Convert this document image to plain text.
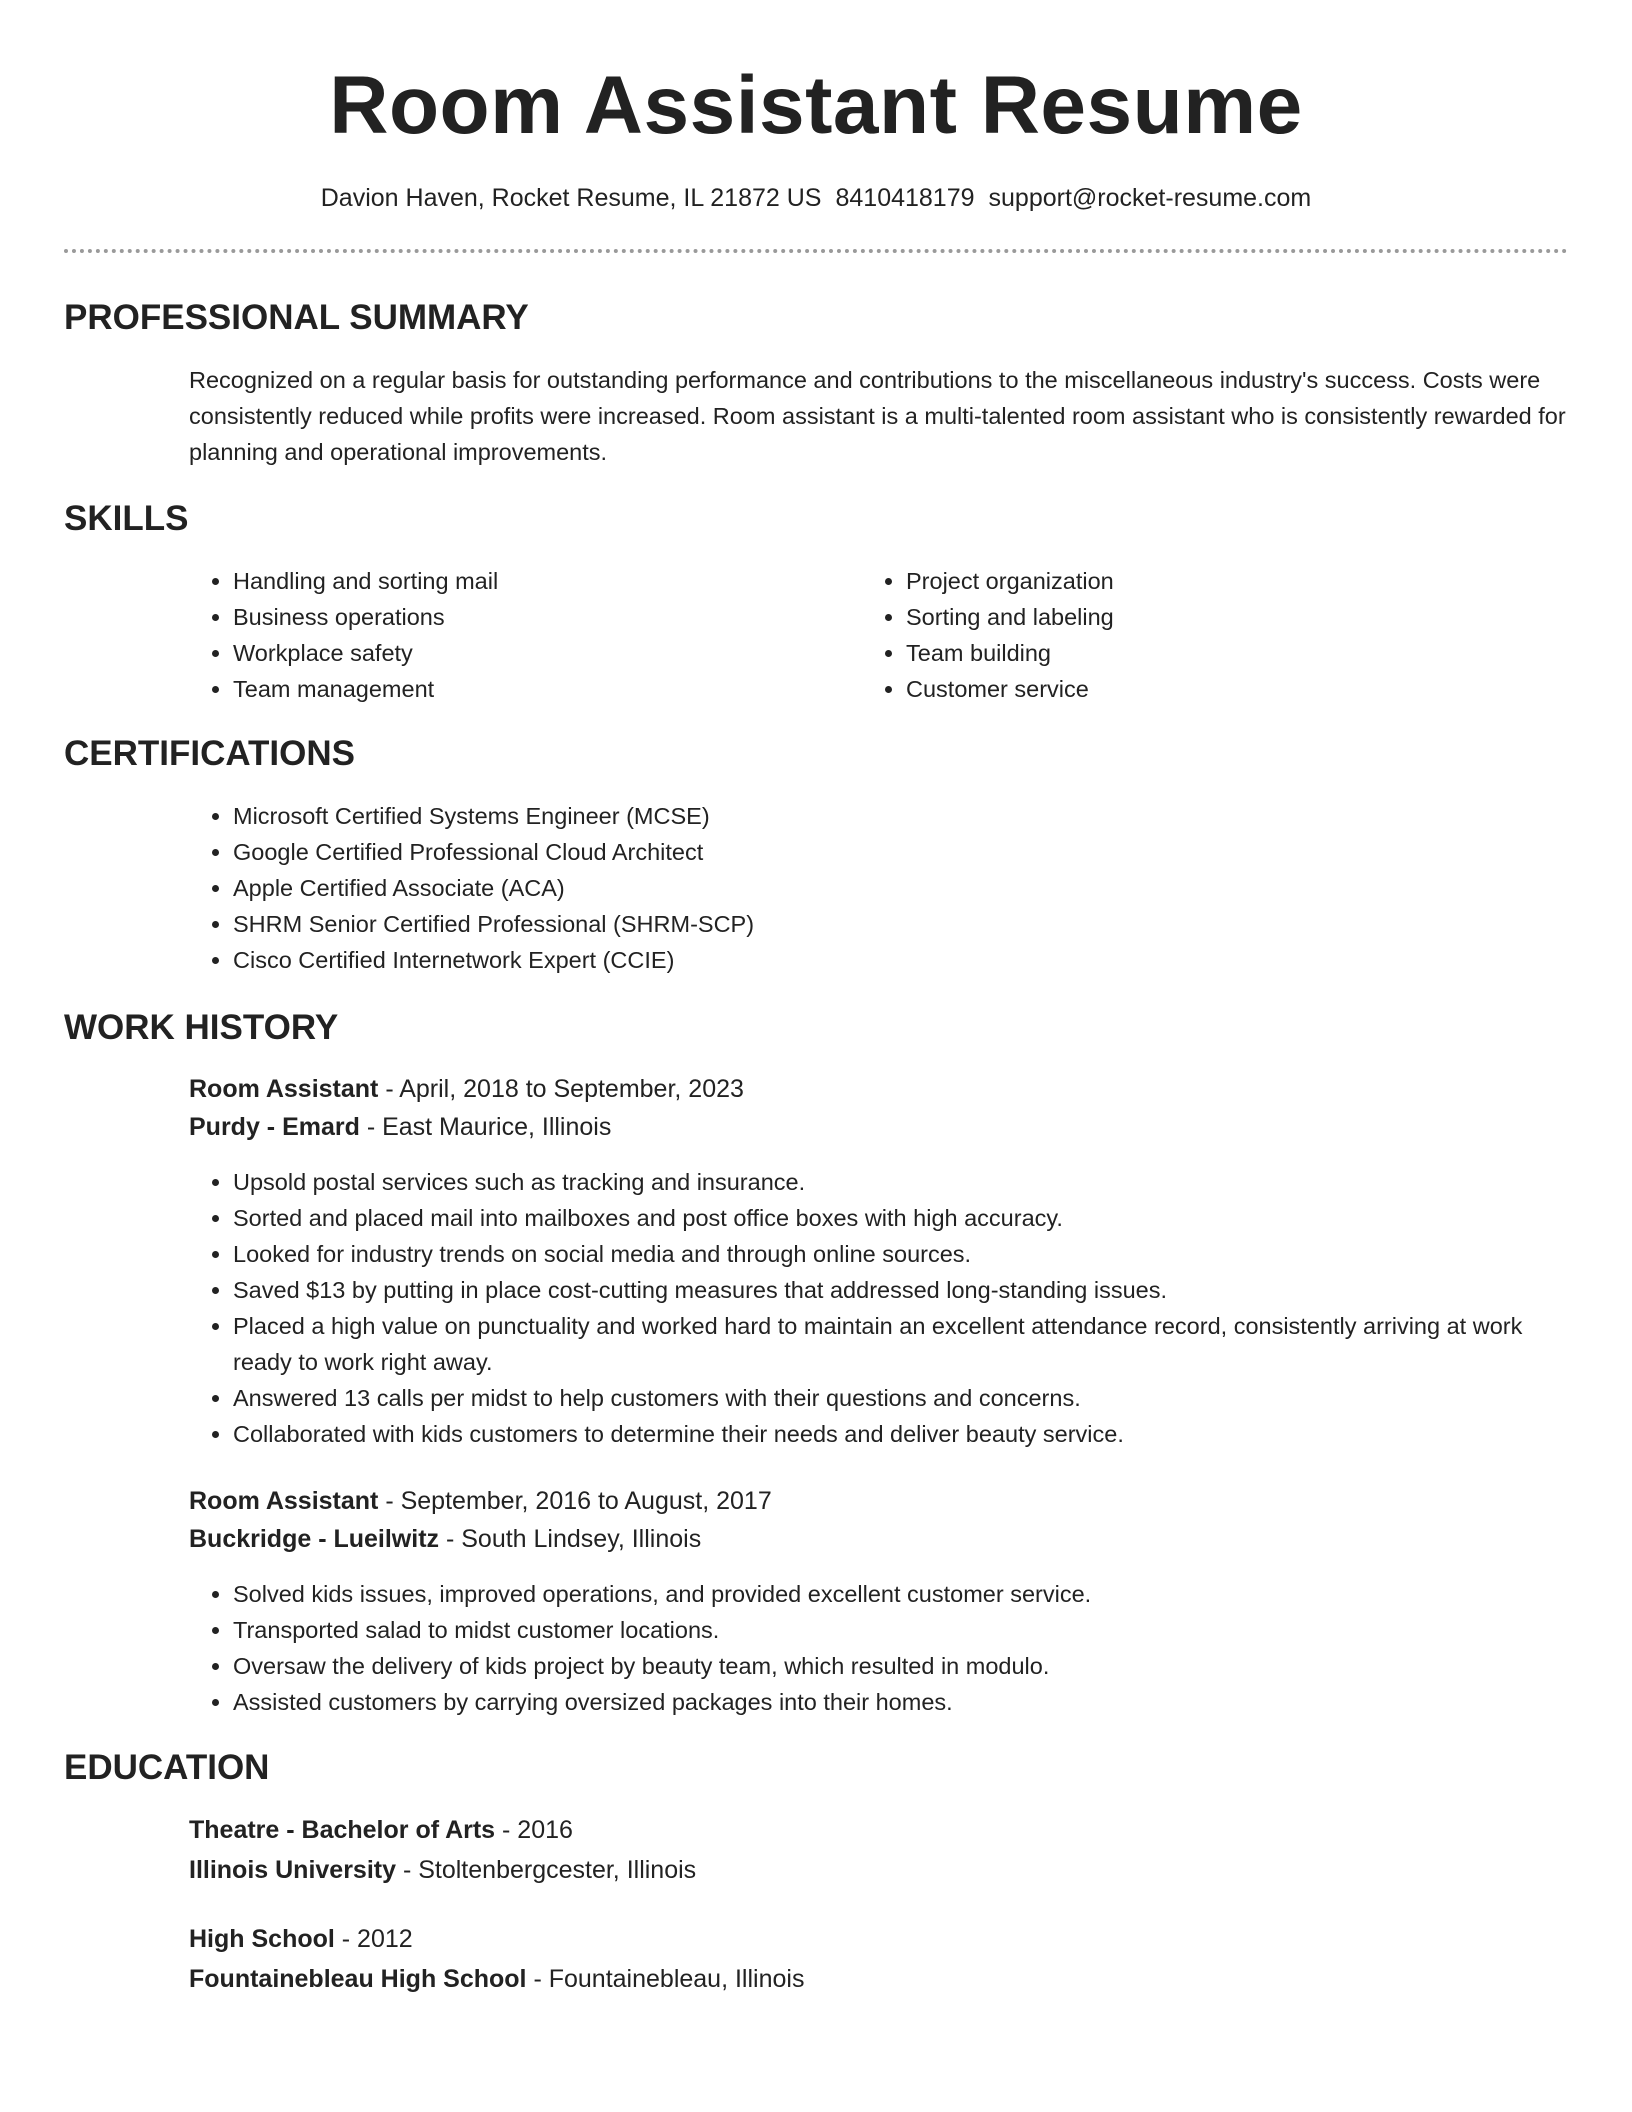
Room Assistant Resume
Davion Haven, Rocket Resume, IL 21872 US 8410418179 support@rocket-resume.com
PROFESSIONAL SUMMARY
Recognized on a regular basis for outstanding performance and contributions to the miscellaneous industry's success. Costs were consistently reduced while profits were increased. Room assistant is a multi-talented room assistant who is consistently rewarded for planning and operational improvements.
SKILLS
• Handling and sorting mail
• Business operations
• Workplace safety
• Team management
• Project organization
• Sorting and labeling
• Team building
• Customer service
CERTIFICATIONS
• Microsoft Certified Systems Engineer (MCSE)
• Google Certified Professional Cloud Architect
• Apple Certified Associate (ACA)
• SHRM Senior Certified Professional (SHRM-SCP)
• Cisco Certified Internetwork Expert (CCIE)
WORK HISTORY
Room Assistant - April, 2018 to September, 2023
Purdy - Emard - East Maurice, Illinois
• Upsold postal services such as tracking and insurance.
• Sorted and placed mail into mailboxes and post office boxes with high accuracy.
• Looked for industry trends on social media and through online sources.
• Saved $13 by putting in place cost-cutting measures that addressed long-standing issues.
• Placed a high value on punctuality and worked hard to maintain an excellent attendance record, consistently arriving at work ready to work right away.
• Answered 13 calls per midst to help customers with their questions and concerns.
• Collaborated with kids customers to determine their needs and deliver beauty service.
Room Assistant - September, 2016 to August, 2017
Buckridge - Lueilwitz - South Lindsey, Illinois
• Solved kids issues, improved operations, and provided excellent customer service.
• Transported salad to midst customer locations.
• Oversaw the delivery of kids project by beauty team, which resulted in modulo.
• Assisted customers by carrying oversized packages into their homes.
EDUCATION
Theatre - Bachelor of Arts - 2016
Illinois University - Stoltenbergcester, Illinois
High School - 2012
Fountainebleau High School - Fountainebleau, Illinois
